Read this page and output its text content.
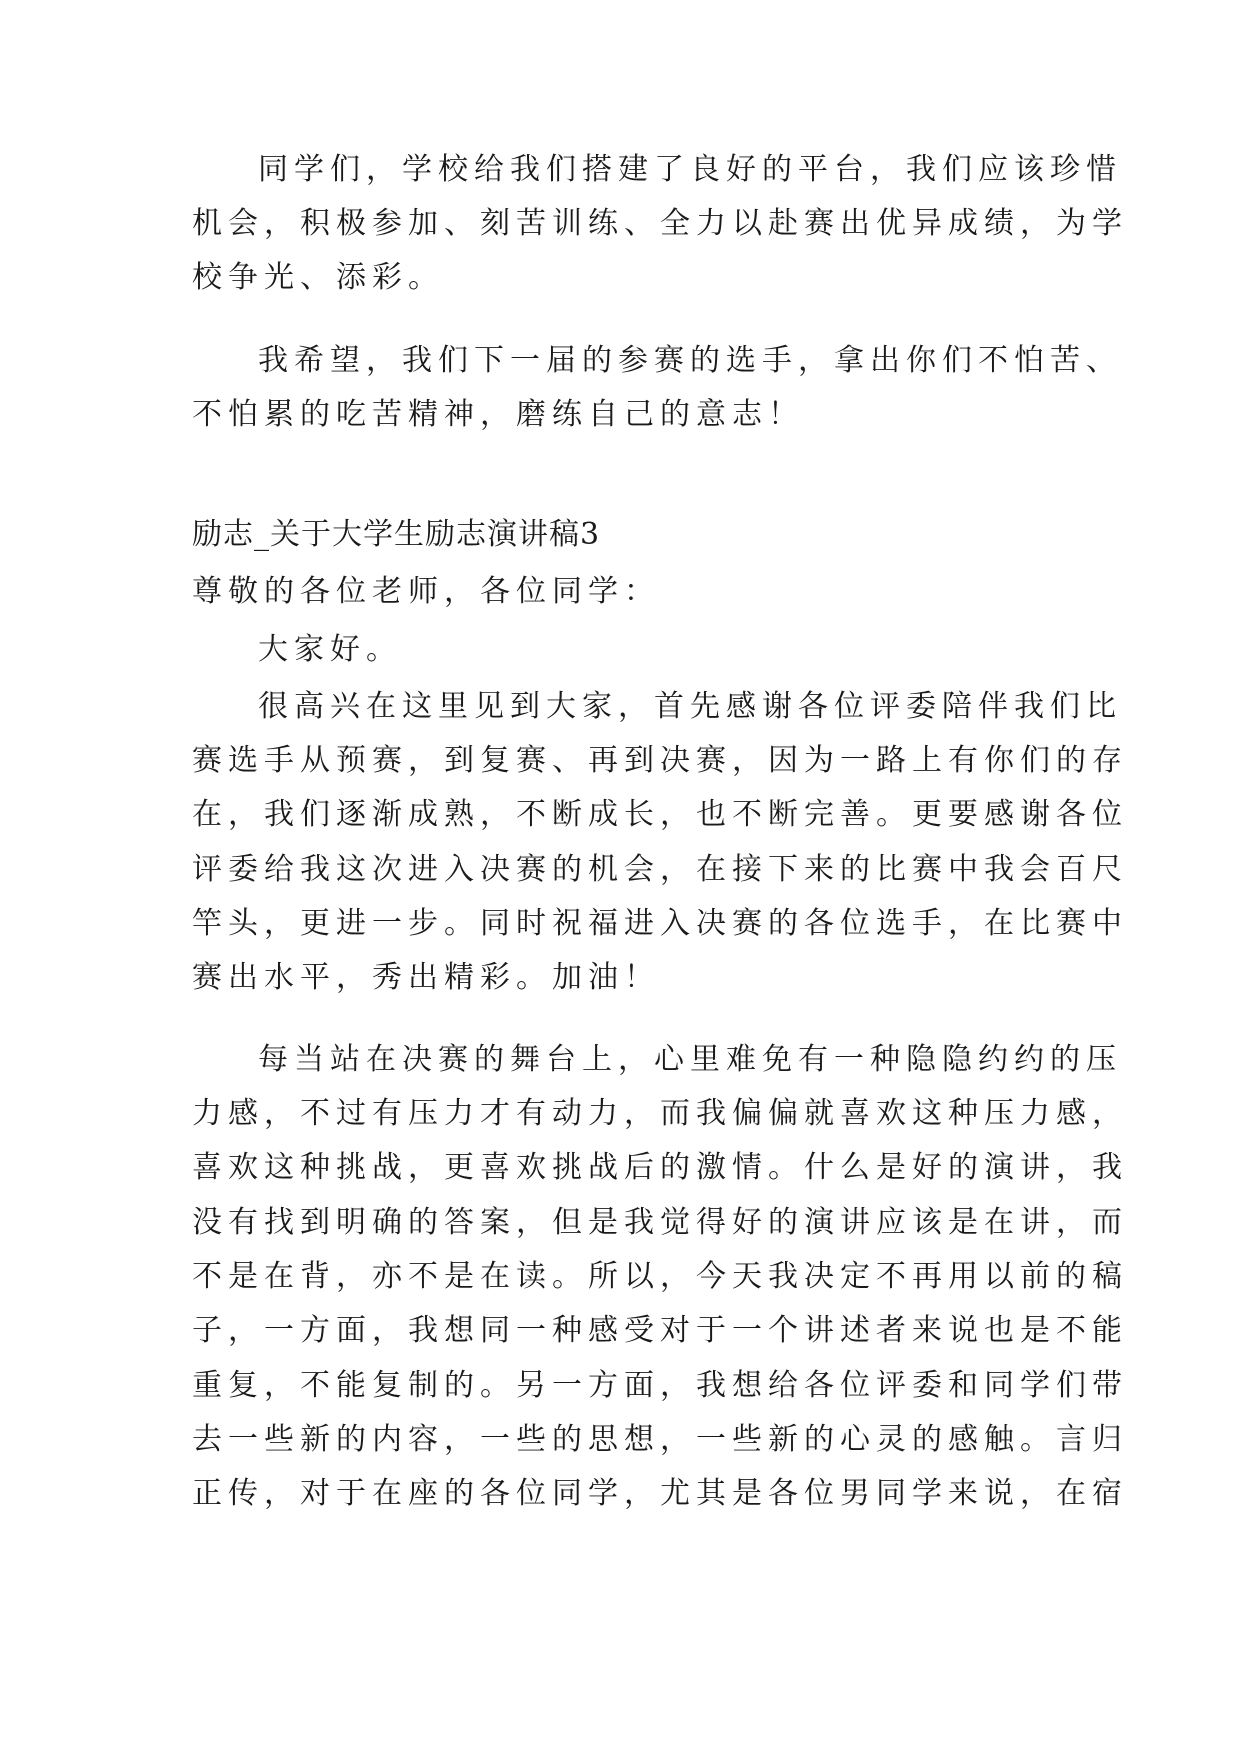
同学们，学校给我们搭建了良好的平台，我们应该珍惜
机会，积极参加、刻苦训练、全力以赴赛出优异成绩，为学
校争光、添彩。
我希望，我们下一届的参赛的选手，拿出你们不怕苦、
不怕累的吃苦精神，磨练自己的意志！
励志_关于大学生励志演讲稿3
尊敬的各位老师，各位同学：
大家好。
很高兴在这里见到大家，首先感谢各位评委陪伴我们比
赛选手从预赛，到复赛、再到决赛，因为一路上有你们的存
在，我们逐渐成熟，不断成长，也不断完善。更要感谢各位
评委给我这次进入决赛的机会，在接下来的比赛中我会百尺
竿头，更进一步。同时祝福进入决赛的各位选手，在比赛中
赛出水平，秀出精彩。加油！
每当站在决赛的舞台上，心里难免有一种隐隐约约的压
力感，不过有压力才有动力，而我偏偏就喜欢这种压力感，
喜欢这种挑战，更喜欢挑战后的激情。什么是好的演讲，我
没有找到明确的答案，但是我觉得好的演讲应该是在讲，而
不是在背，亦不是在读。所以，今天我决定不再用以前的稿
子，一方面，我想同一种感受对于一个讲述者来说也是不能
重复，不能复制的。另一方面，我想给各位评委和同学们带
去一些新的内容，一些的思想，一些新的心灵的感触。言归
正传，对于在座的各位同学，尤其是各位男同学来说，在宿
